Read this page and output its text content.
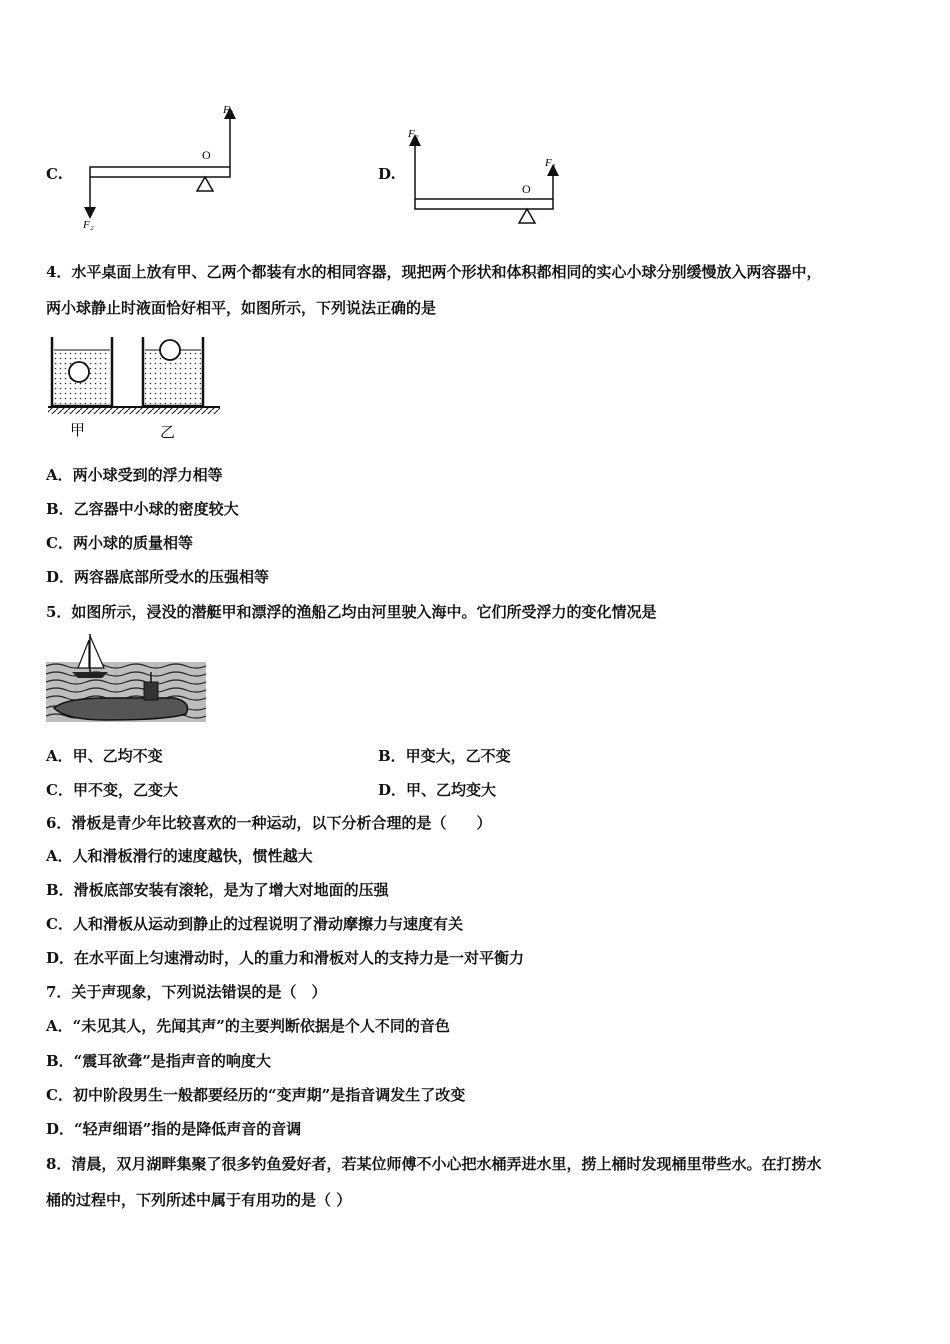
C.	D.
F₁
F₂
O
F₂
F₁
O
4．水平桌面上放有甲、乙两个都装有水的相同容器，现把两个形状和体积都相同的实心小球分别缓慢放入两容器中，
两小球静止时液面恰好相平，如图所示，下列说法正确的是
甲	乙
A．两小球受到的浮力相等
B．乙容器中小球的密度较大
C．两小球的质量相等
D．两容器底部所受水的压强相等
5．如图所示，浸没的潜艇甲和漂浮的渔船乙均由河里驶入海中。它们所受浮力的变化情况是
A．甲、乙均不变	B．甲变大，乙不变
C．甲不变，乙变大	D．甲、乙均变大
6．滑板是青少年比较喜欢的一种运动，以下分析合理的是（　　）
A．人和滑板滑行的速度越快，惯性越大
B．滑板底部安装有滚轮，是为了增大对地面的压强
C．人和滑板从运动到静止的过程说明了滑动摩擦力与速度有关
D．在水平面上匀速滑动时，人的重力和滑板对人的支持力是一对平衡力
7．关于声现象，下列说法错误的是（　）
A．“未见其人，先闻其声”的主要判断依据是个人不同的音色
B．“震耳欲聋”是指声音的响度大
C．初中阶段男生一般都要经历的“变声期”是指音调发生了改变
D．“轻声细语”指的是降低声音的音调
8．清晨，双月湖畔集聚了很多钓鱼爱好者，若某位师傅不小心把水桶弄进水里，捞上桶时发现桶里带些水。在打捞水
桶的过程中，下列所述中属于有用功的是（ ）
